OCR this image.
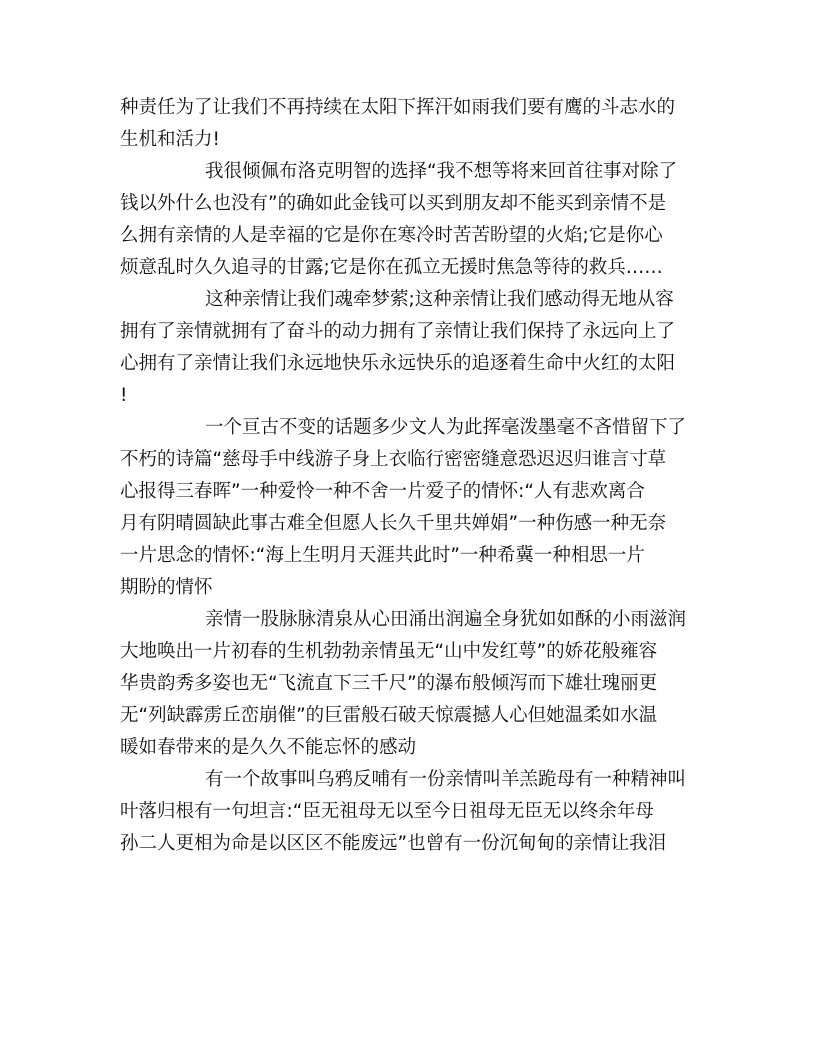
种责任为了让我们不再持续在太阳下挥汗如雨我们要有鹰的斗志水的
生机和活力!
我很倾佩布洛克明智的选择“我不想等将来回首往事对除了
钱以外什么也没有”的确如此金钱可以买到朋友却不能买到亲情不是
么拥有亲情的人是幸福的它是你在寒冷时苦苦盼望的火焰;它是你心
烦意乱时久久追寻的甘露;它是你在孤立无援时焦急等待的救兵……
这种亲情让我们魂牵梦萦;这种亲情让我们感动得无地从容
拥有了亲情就拥有了奋斗的动力拥有了亲情让我们保持了永远向上了
心拥有了亲情让我们永远地快乐永远快乐的追逐着生命中火红的太阳
!
一个亘古不变的话题多少文人为此挥毫泼墨毫不吝惜留下了
不朽的诗篇“慈母手中线游子身上衣临行密密缝意恐迟迟归谁言寸草
心报得三春晖”一种爱怜一种不舍一片爱子的情怀:“人有悲欢离合
月有阴晴圆缺此事古难全但愿人长久千里共婵娟”一种伤感一种无奈
一片思念的情怀:“海上生明月天涯共此时”一种希冀一种相思一片
期盼的情怀
亲情一股脉脉清泉从心田涌出润遍全身犹如如酥的小雨滋润
大地唤出一片初春的生机勃勃亲情虽无“山中发红萼”的娇花般雍容
华贵韵秀多姿也无“飞流直下三千尺”的瀑布般倾泻而下雄壮瑰丽更
无“列缺霹雳丘峦崩催”的巨雷般石破天惊震撼人心但她温柔如水温
暖如春带来的是久久不能忘怀的感动
有一个故事叫乌鸦反哺有一份亲情叫羊羔跪母有一种精神叫
叶落归根有一句坦言:“臣无祖母无以至今日祖母无臣无以终余年母
孙二人更相为命是以区区不能废远”也曾有一份沉甸甸的亲情让我泪
